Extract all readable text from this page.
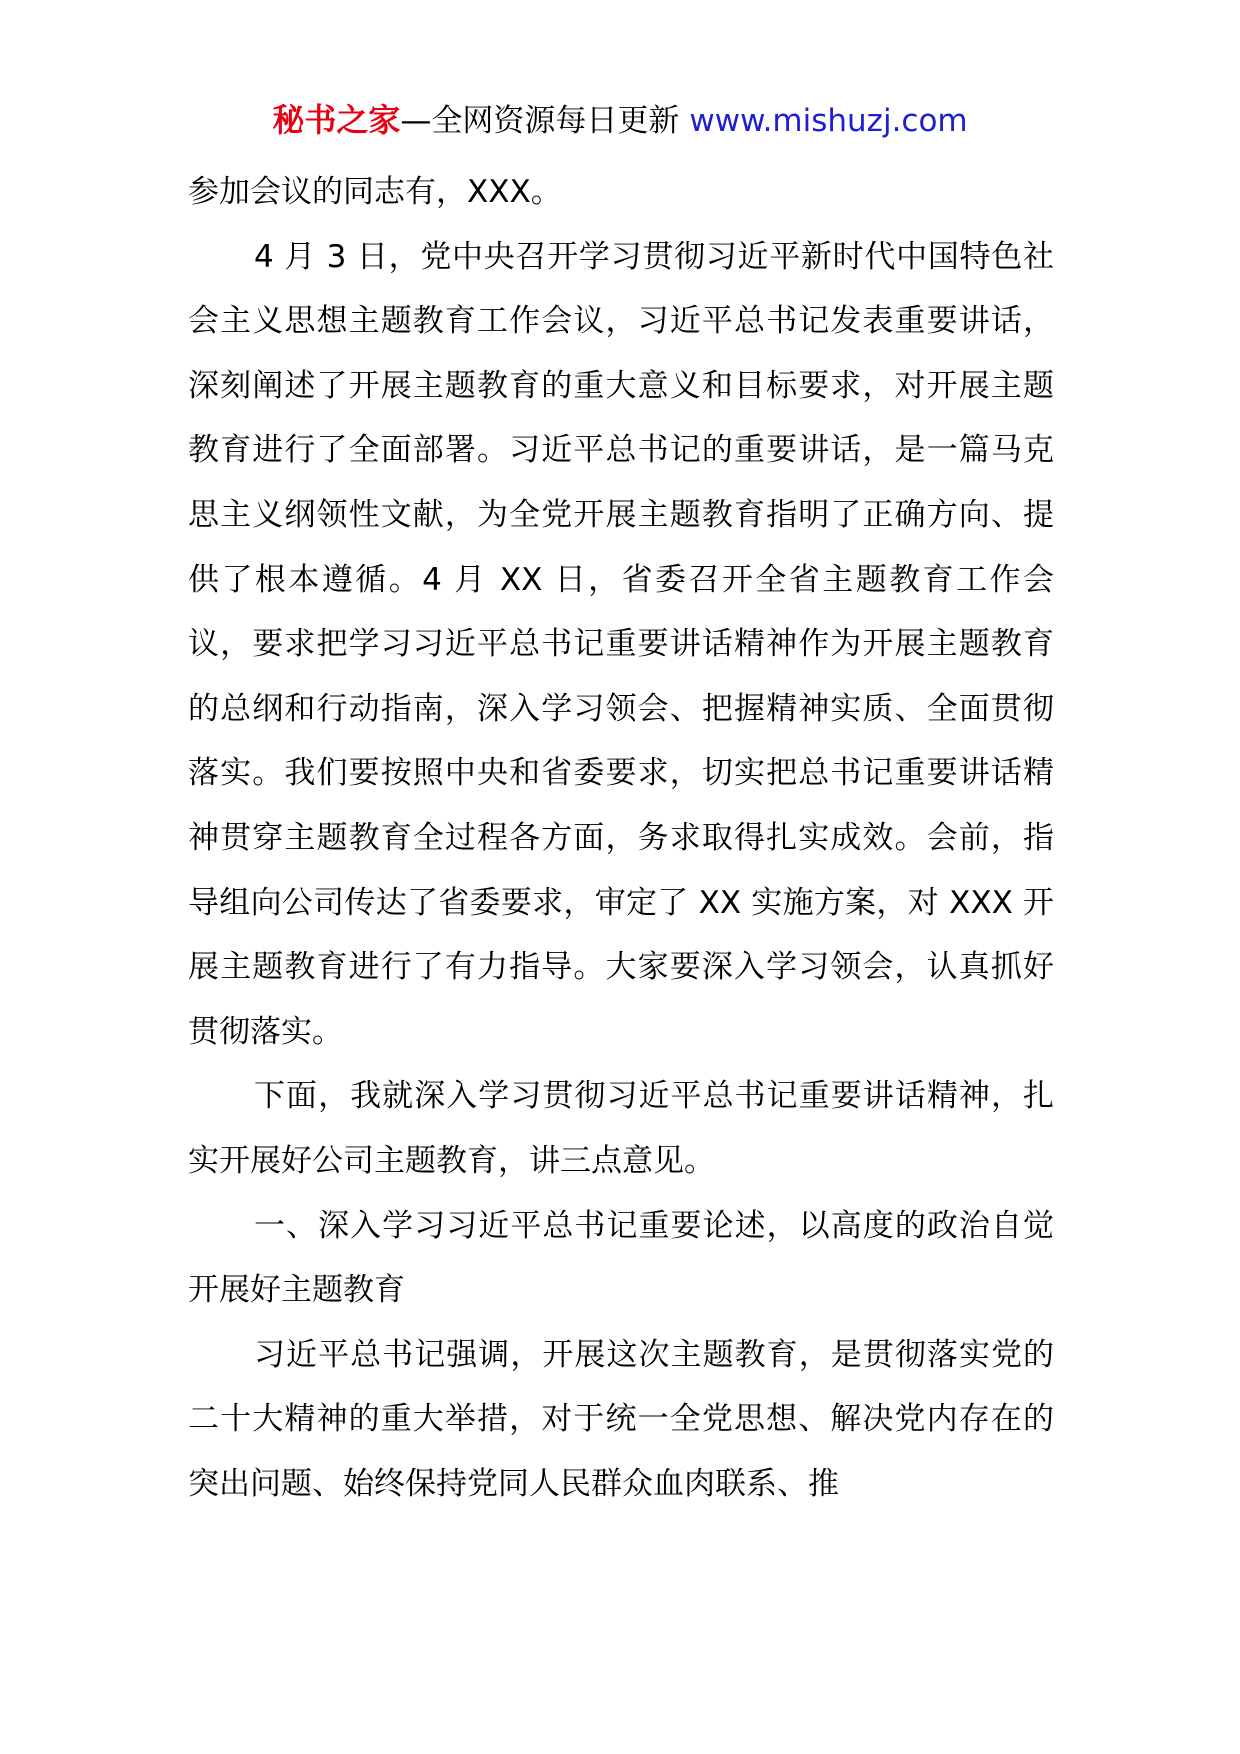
秘书之家—全网资源每日更新 www.mishuzj.com

参加会议的同志有，XXX。

4 月 3 日，党中央召开学习贯彻习近平新时代中国特色社会主义思想主题教育工作会议，习近平总书记发表重要讲话，深刻阐述了开展主题教育的重大意义和目标要求，对开展主题教育进行了全面部署。习近平总书记的重要讲话，是一篇马克思主义纲领性文献，为全党开展主题教育指明了正确方向、提供了根本遵循。4 月 XX 日，省委召开全省主题教育工作会议，要求把学习习近平总书记重要讲话精神作为开展主题教育的总纲和行动指南，深入学习领会、把握精神实质、全面贯彻落实。我们要按照中央和省委要求，切实把总书记重要讲话精神贯穿主题教育全过程各方面，务求取得扎实成效。会前，指导组向公司传达了省委要求，审定了 XX 实施方案，对 XXX 开展主题教育进行了有力指导。大家要深入学习领会，认真抓好贯彻落实。

下面，我就深入学习贯彻习近平总书记重要讲话精神，扎实开展好公司主题教育，讲三点意见。

一、深入学习习近平总书记重要论述，以高度的政治自觉开展好主题教育

习近平总书记强调，开展这次主题教育，是贯彻落实党的二十大精神的重大举措，对于统一全党思想、解决党内存在的突出问题、始终保持党同人民群众血肉联系、推
